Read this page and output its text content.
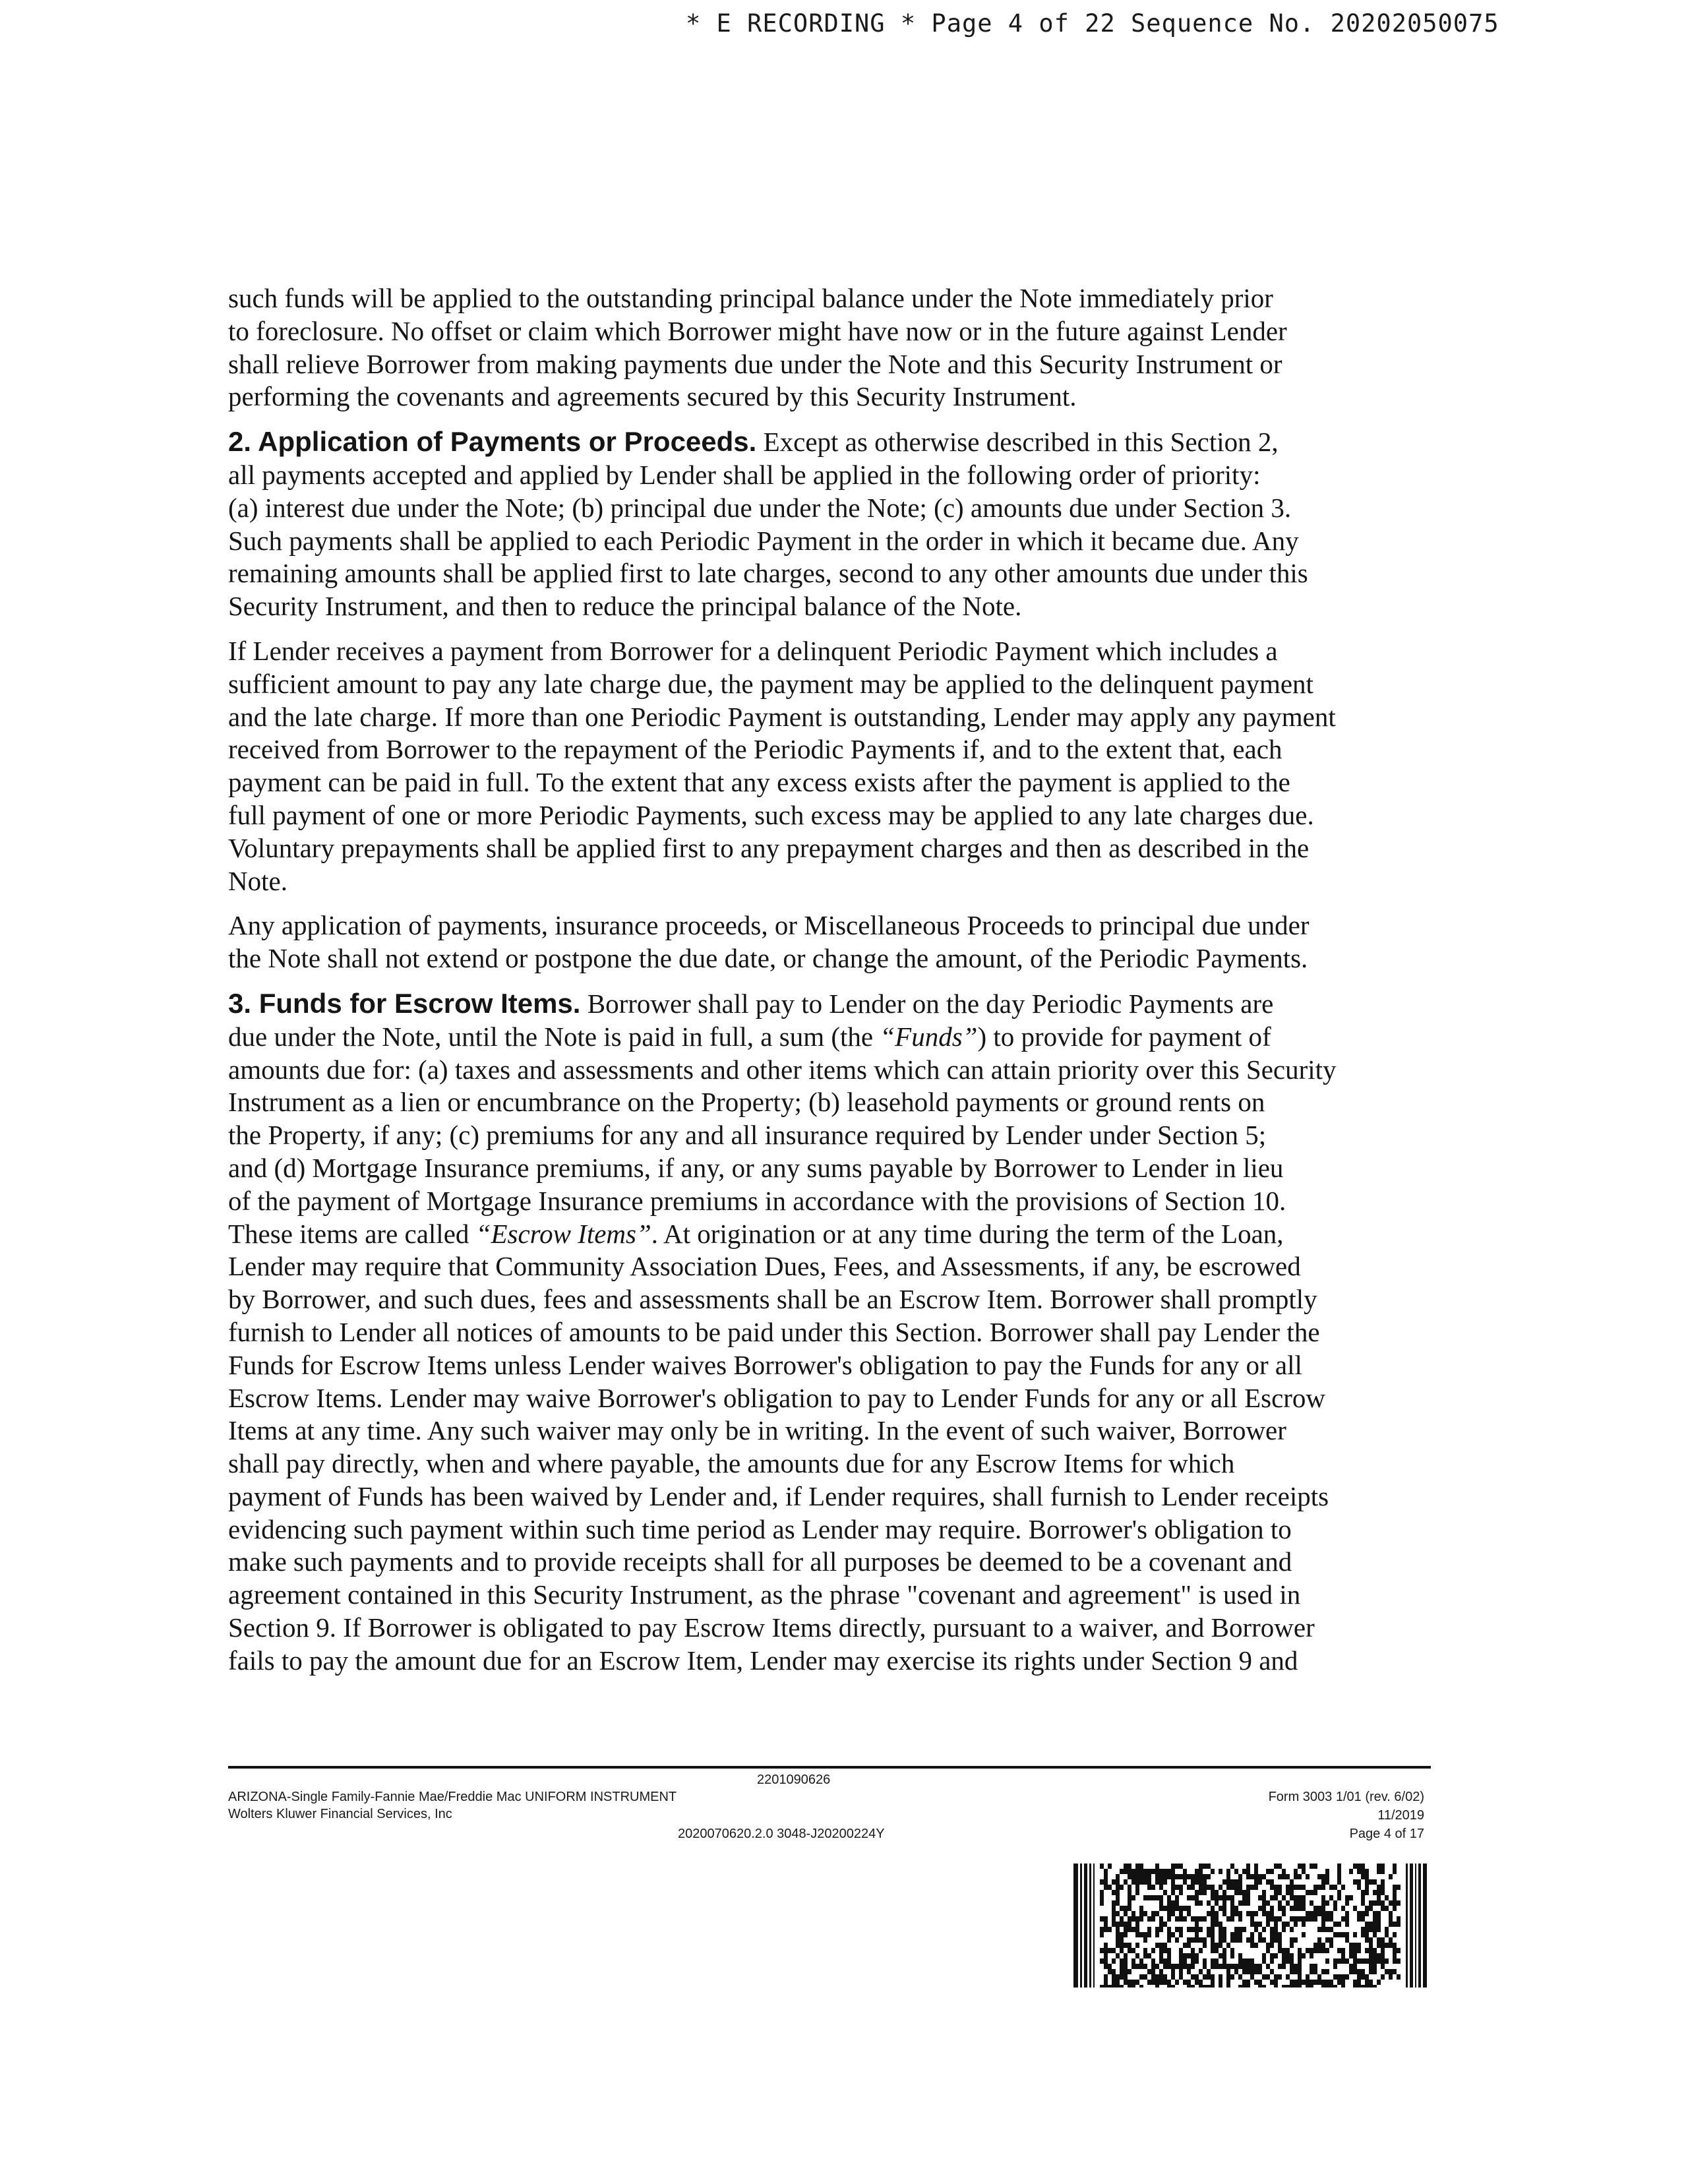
* E RECORDING * Page 4 of 22 Sequence No. 20202050075

such funds will be applied to the outstanding principal balance under the Note immediately prior
to foreclosure. No offset or claim which Borrower might have now or in the future against Lender
shall relieve Borrower from making payments due under the Note and this Security Instrument or
performing the covenants and agreements secured by this Security Instrument.

2. Application of Payments or Proceeds. Except as otherwise described in this Section 2,
all payments accepted and applied by Lender shall be applied in the following order of priority:
(a) interest due under the Note; (b) principal due under the Note; (c) amounts due under Section 3.
Such payments shall be applied to each Periodic Payment in the order in which it became due. Any
remaining amounts shall be applied first to late charges, second to any other amounts due under this
Security Instrument, and then to reduce the principal balance of the Note.

If Lender receives a payment from Borrower for a delinquent Periodic Payment which includes a
sufficient amount to pay any late charge due, the payment may be applied to the delinquent payment
and the late charge. If more than one Periodic Payment is outstanding, Lender may apply any payment
received from Borrower to the repayment of the Periodic Payments if, and to the extent that, each
payment can be paid in full. To the extent that any excess exists after the payment is applied to the
full payment of one or more Periodic Payments, such excess may be applied to any late charges due.
Voluntary prepayments shall be applied first to any prepayment charges and then as described in the
Note.

Any application of payments, insurance proceeds, or Miscellaneous Proceeds to principal due under
the Note shall not extend or postpone the due date, or change the amount, of the Periodic Payments.

3. Funds for Escrow Items. Borrower shall pay to Lender on the day Periodic Payments are
due under the Note, until the Note is paid in full, a sum (the “Funds”) to provide for payment of
amounts due for: (a) taxes and assessments and other items which can attain priority over this Security
Instrument as a lien or encumbrance on the Property; (b) leasehold payments or ground rents on
the Property, if any; (c) premiums for any and all insurance required by Lender under Section 5;
and (d) Mortgage Insurance premiums, if any, or any sums payable by Borrower to Lender in lieu
of the payment of Mortgage Insurance premiums in accordance with the provisions of Section 10.
These items are called “Escrow Items”. At origination or at any time during the term of the Loan,
Lender may require that Community Association Dues, Fees, and Assessments, if any, be escrowed
by Borrower, and such dues, fees and assessments shall be an Escrow Item. Borrower shall promptly
furnish to Lender all notices of amounts to be paid under this Section. Borrower shall pay Lender the
Funds for Escrow Items unless Lender waives Borrower's obligation to pay the Funds for any or all
Escrow Items. Lender may waive Borrower's obligation to pay to Lender Funds for any or all Escrow
Items at any time. Any such waiver may only be in writing. In the event of such waiver, Borrower
shall pay directly, when and where payable, the amounts due for any Escrow Items for which
payment of Funds has been waived by Lender and, if Lender requires, shall furnish to Lender receipts
evidencing such payment within such time period as Lender may require. Borrower's obligation to
make such payments and to provide receipts shall for all purposes be deemed to be a covenant and
agreement contained in this Security Instrument, as the phrase "covenant and agreement" is used in
Section 9. If Borrower is obligated to pay Escrow Items directly, pursuant to a waiver, and Borrower
fails to pay the amount due for an Escrow Item, Lender may exercise its rights under Section 9 and

2201090626
ARIZONA-Single Family-Fannie Mae/Freddie Mac UNIFORM INSTRUMENT
Wolters Kluwer Financial Services, Inc
2020070620.2.0 3048-J20200224Y
Form 3003 1/01 (rev. 6/02)
11/2019
Page 4 of 17
